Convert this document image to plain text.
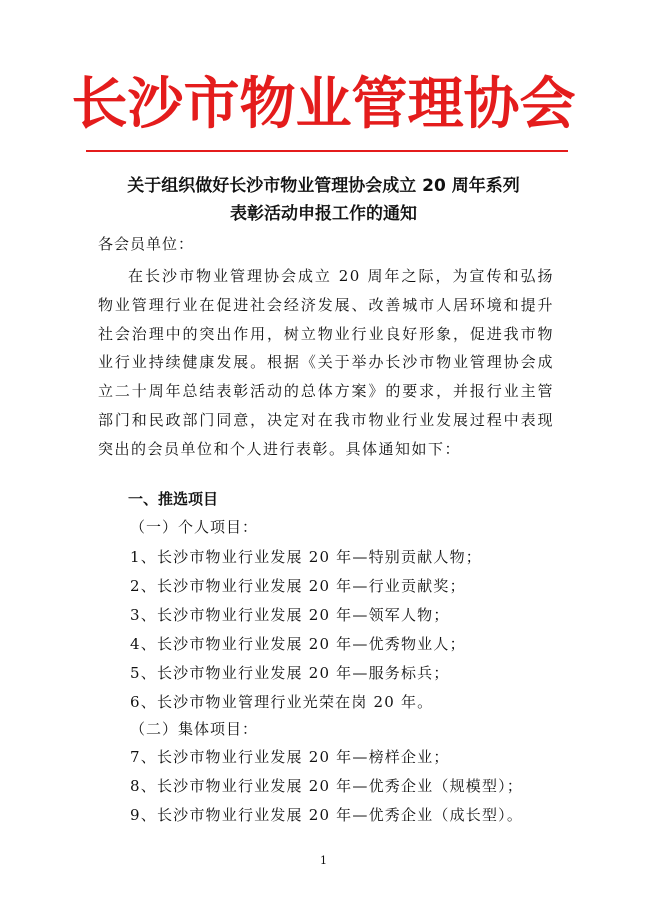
长沙市物业管理协会
关于组织做好长沙市物业管理协会成立 20 周年系列
表彰活动申报工作的通知
各会员单位：

在长沙市物业管理协会成立 20 周年之际，为宣传和弘扬物业管理行业在促进社会经济发展、改善城市人居环境和提升社会治理中的突出作用，树立物业行业良好形象，促进我市物业行业持续健康发展。根据《关于举办长沙市物业管理协会成立二十周年总结表彰活动的总体方案》的要求，并报行业主管部门和民政部门同意，决定对在我市物业行业发展过程中表现突出的会员单位和个人进行表彰。具体通知如下：

一、推选项目
（一）个人项目：
1、长沙市物业行业发展 20 年—特别贡献人物；
2、长沙市物业行业发展 20 年—行业贡献奖；
3、长沙市物业行业发展 20 年—领军人物；
4、长沙市物业行业发展 20 年—优秀物业人；
5、长沙市物业行业发展 20 年—服务标兵；
6、长沙市物业管理行业光荣在岗 20 年。
（二）集体项目：
7、长沙市物业行业发展 20 年—榜样企业；
8、长沙市物业行业发展 20 年—优秀企业（规模型）；
9、长沙市物业行业发展 20 年—优秀企业（成长型）。
1
